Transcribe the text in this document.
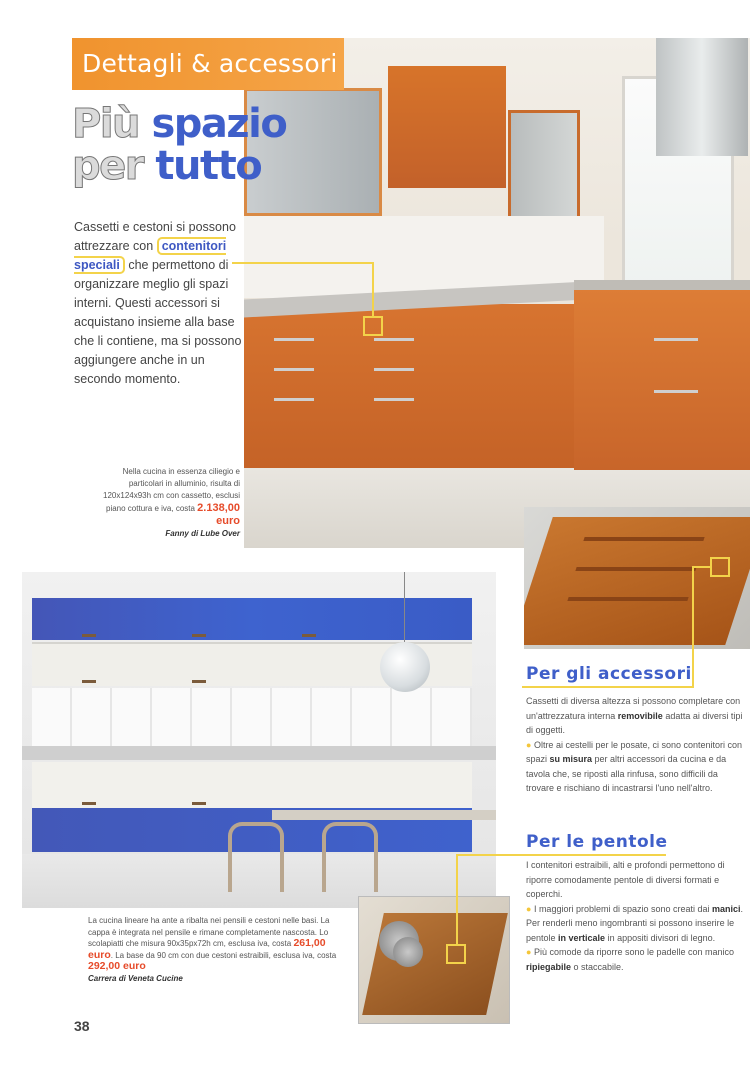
Dettagli & accessori
Più spazio
per tutto

Cassetti e cestoni si possono attrezzare con contenitori speciali che permettono di organizzare meglio gli spazi interni. Questi accessori si acquistano insieme alla base che li contiene, ma si possono aggiungere anche in un secondo momento.

Nella cucina in essenza ciliegio e particolari in alluminio, risulta di 120x124x93h cm con cassetto, esclusi piano cottura e iva, costa 2.138,00 euro
Fanny di Lube Over

Per gli accessori

Cassetti di diversa altezza si possono completare con un'attrezzatura interna removibile adatta ai diversi tipi di oggetti.
● Oltre ai cestelli per le posate, ci sono contenitori con spazi su misura per altri accessori da cucina e da tavola che, se riposti alla rinfusa, sono difficili da trovare e rischiano di incastrarsi l'uno nell'altro.

Per le pentole

I contenitori estraibili, alti e profondi permettono di riporre comodamente pentole di diversi formati e coperchi.
● I maggiori problemi di spazio sono creati dai manici. Per renderli meno ingombranti si possono inserire le pentole in verticale in appositi divisori di legno.
● Più comode da riporre sono le padelle con manico ripiegabile o staccabile.

La cucina lineare ha ante a ribalta nei pensili e cestoni nelle basi. La cappa è integrata nel pensile e rimane completamente nascosta. Lo scolapiatti che misura 90x35px72h cm, esclusa iva, costa 261,00 euro. La base da 90 cm con due cestoni estraibili, esclusa iva, costa 292,00 euro
Carrera di Veneta Cucine

38
